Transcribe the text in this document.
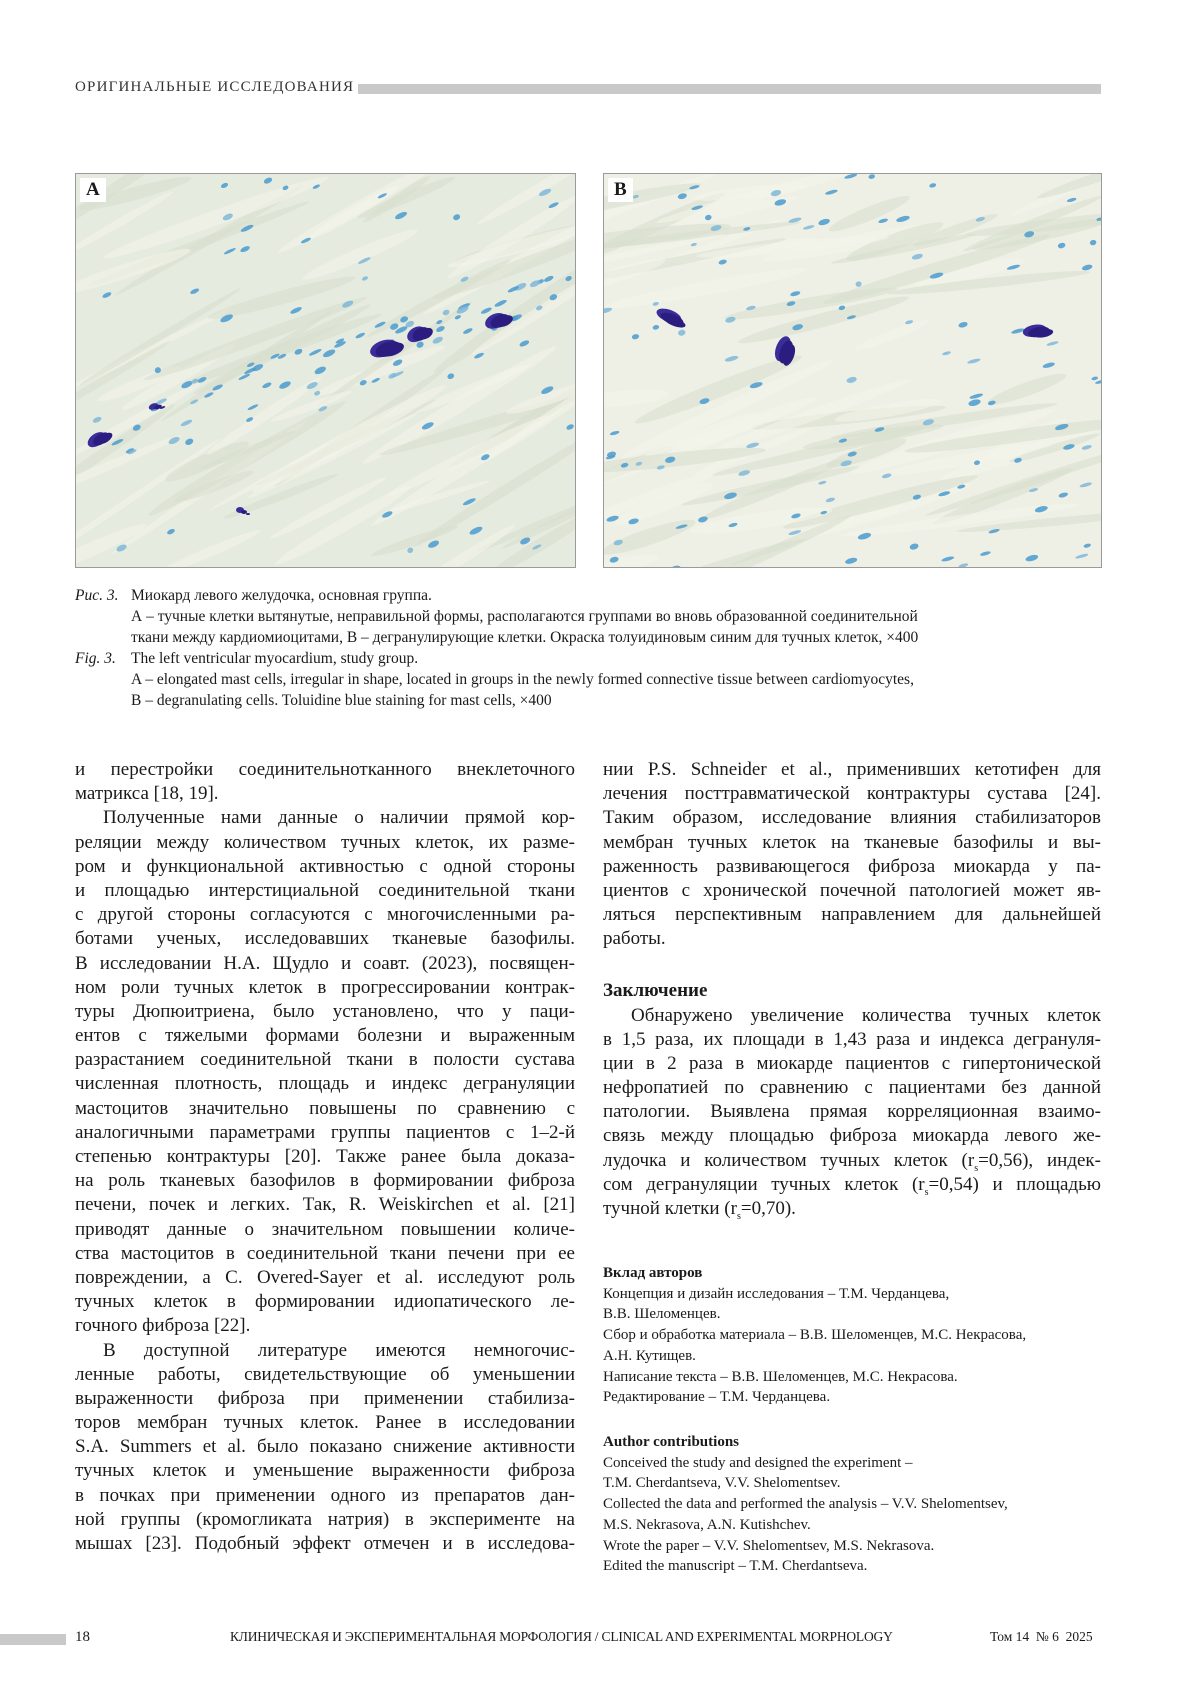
ОРИГИНАЛЬНЫЕ ИССЛЕДОВАНИЯ
A	B
Рис. 3. Миокард левого желудочка, основная группа.
А – тучные клетки вытянутые, неправильной формы, располагаются группами во вновь образованной соединительной
ткани между кардиомиоцитами, В – дегранулирующие клетки. Окраска толуидиновым синим для тучных клеток, ×400
Fig. 3. The left ventricular myocardium, study group.
A – elongated mast cells, irregular in shape, located in groups in the newly formed connective tissue between cardiomyocytes,
B – degranulating cells. Toluidine blue staining for mast cells, ×400
и перестройки соединительнотканного внеклеточного
матрикса [18, 19].
Полученные нами данные о наличии прямой кор-
реляции между количеством тучных клеток, их разме-
ром и функциональной активностью с одной стороны
и площадью интерстициальной соединительной ткани
с другой стороны согласуются с многочисленными ра-
ботами ученых, исследовавших тканевые базофилы.
В исследовании Н.А. Щудло и соавт. (2023), посвящен-
ном роли тучных клеток в прогрессировании контрак-
туры Дюпюитриена, было установлено, что у паци-
ентов с тяжелыми формами болезни и выраженным
разрастанием соединительной ткани в полости сустава
численная плотность, площадь и индекс дегрануляции
мастоцитов значительно повышены по сравнению с
аналогичными параметрами группы пациентов с 1–2-й
степенью контрактуры [20]. Также ранее была доказа-
на роль тканевых базофилов в формировании фиброза
печени, почек и легких. Так, R. Weiskirchen et al. [21]
приводят данные о значительном повышении количе-
ства мастоцитов в соединительной ткани печени при ее
повреждении, а C. Overed-Sayer et al. исследуют роль
тучных клеток в формировании идиопатического ле-
гочного фиброза [22].
В доступной литературе имеются немногочис-
ленные работы, свидетельствующие об уменьшении
выраженности фиброза при применении стабилиза-
торов мембран тучных клеток. Ранее в исследовании
S.A. Summers et al. было показано снижение активности
тучных клеток и уменьшение выраженности фиброза
в почках при применении одного из препаратов дан-
ной группы (кромогликата натрия) в эксперименте на
мышах [23]. Подобный эффект отмечен и в исследова-
нии P.S. Schneider et al., применивших кетотифен для
лечения посттравматической контрактуры сустава [24].
Таким образом, исследование влияния стабилизаторов
мембран тучных клеток на тканевые базофилы и вы-
раженность развивающегося фиброза миокарда у па-
циентов с хронической почечной патологией может яв-
ляться перспективным направлением для дальнейшей
работы.
Заключение
Обнаружено увеличение количества тучных клеток
в 1,5 раза, их площади в 1,43 раза и индекса дегрануля-
ции в 2 раза в миокарде пациентов с гипертонической
нефропатией по сравнению с пациентами без данной
патологии. Выявлена прямая корреляционная взаимо-
связь между площадью фиброза миокарда левого же-
лудочка и количеством тучных клеток (rs=0,56), индек-
сом дегрануляции тучных клеток (rs=0,54) и площадью
тучной клетки (rs=0,70).
Вклад авторов
Концепция и дизайн исследования – Т.М. Черданцева,
В.В. Шеломенцев.
Сбор и обработка материала – В.В. Шеломенцев, М.С. Некрасова,
А.Н. Кутищев.
Написание текста – В.В. Шеломенцев, М.С. Некрасова.
Редактирование – Т.М. Черданцева.
Author contributions
Conceived the study and designed the experiment –
T.M. Cherdantseva, V.V. Shelomentsev.
Collected the data and performed the analysis – V.V. Shelomentsev,
M.S. Nekrasova, A.N. Kutishchev.
Wrote the paper – V.V. Shelomentsev, M.S. Nekrasova.
Edited the manuscript – T.M. Cherdantseva.
18	КЛИНИЧЕСКАЯ И ЭКСПЕРИМЕНТАЛЬНАЯ МОРФОЛОГИЯ / CLINICAL AND EXPERIMENTAL MORPHOLOGY	Том 14  № 6  2025
